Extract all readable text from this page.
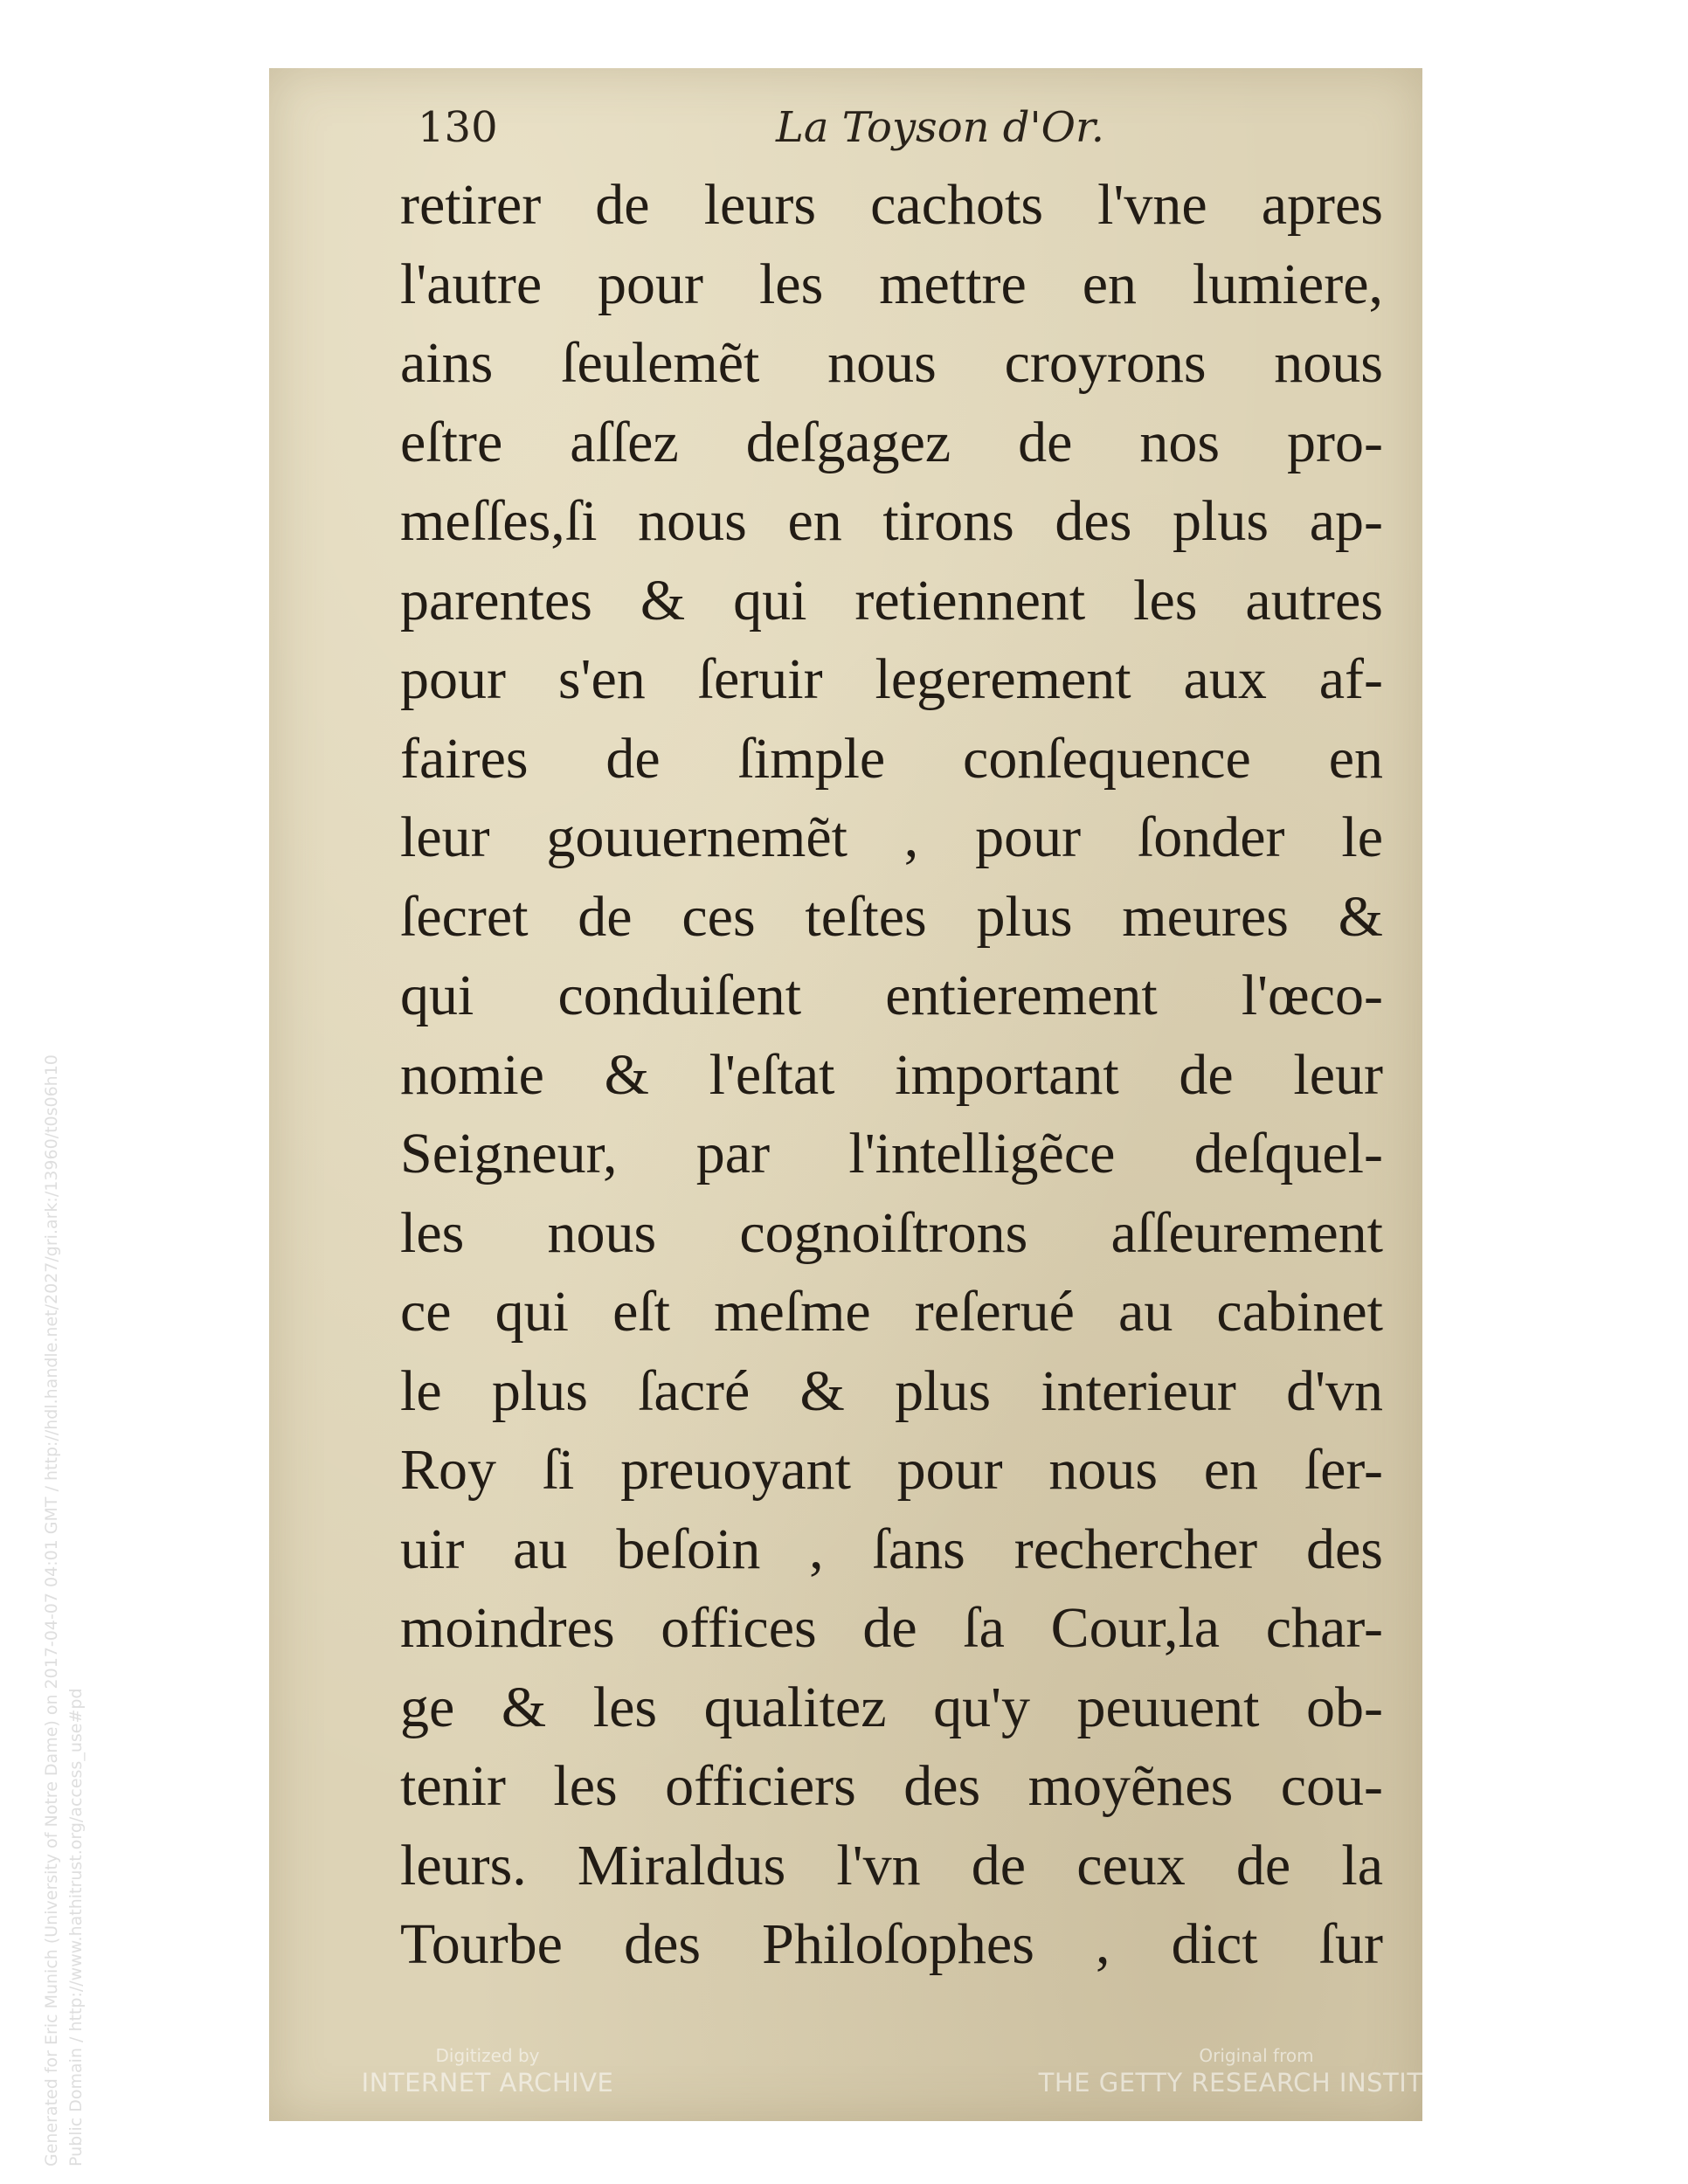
130	La Toyson d'Or.
retirer de leurs cachots l'vne apres
l'autre pour les mettre en lumiere,
ains ſeulemẽt nous croyrons nous
eſtre aſſez deſgagez de nos pro-
meſſes,ſi nous en tirons des plus ap-
parentes & qui retiennent les autres
pour s'en ſeruir legerement aux af-
faires de ſimple conſequence en
leur gouuernemẽt , pour ſonder le
ſecret de ces teſtes plus meures &
qui conduiſent entierement l'œco-
nomie & l'eſtat important de leur
Seigneur, par l'intelligẽce deſquel-
les nous cognoiſtrons aſſeurement
ce qui eſt meſme reſerué au cabinet
le plus ſacré & plus interieur d'vn
Roy ſi preuoyant pour nous en ſer-
uir au beſoin , ſans rechercher des
moindres offices de ſa Cour,la char-
ge & les qualitez qu'y peuuent ob-
tenir les officiers des moyẽnes cou-
leurs. Miraldus l'vn de ceux de la
Tourbe des Philoſophes , dict ſur
Digitized by
INTERNET ARCHIVE
Original from
THE GETTY RESEARCH INSTITUTE
Generated for Eric Munich (University of Notre Dame) on 2017-04-07 04:01 GMT / http://hdl.handle.net/2027/gri.ark:/13960/t0s06h10 Public Domain / http://www.hathitrust.org/access_use#pd
